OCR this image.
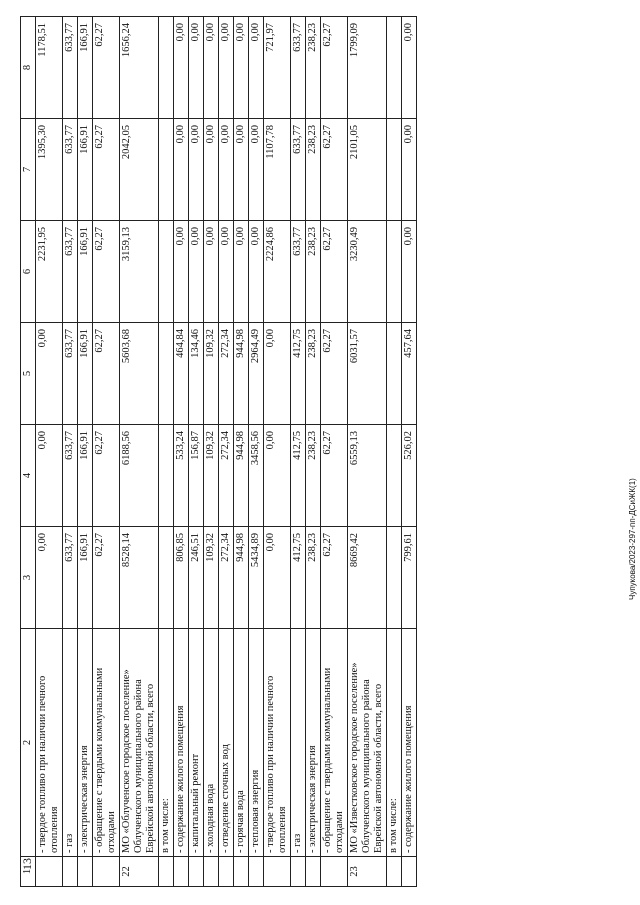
13
1	2	3	4	5	6	7	8
	- твердое топливо при наличии печного отопления	0,00	0,00	0,00	2231,95	1395,30	1178,51
	- газ	633,77	633,77	633,77	633,77	633,77	633,77
	- электрическая энергия	166,91	166,91	166,91	166,91	166,91	166,91
	- обращение с твердыми коммунальными отходами	62,27	62,27	62,27	62,27	62,27	62,27
22	МО «Облученское городское поселение» Облученского муниципального района Еврейской автономной области, всего	8528,14	6188,56	5603,68	3159,13	2042,05	1656,24
	в том числе:						
	- содержание жилого помещения	806,85	533,24	464,84	0,00	0,00	0,00
	- капитальный ремонт	246,51	156,87	134,46	0,00	0,00	0,00
	- холодная вода	109,32	109,32	109,32	0,00	0,00	0,00
	- отведение сточных вод	272,34	272,34	272,34	0,00	0,00	0,00
	- горячая вода	944,98	944,98	944,98	0,00	0,00	0,00
	- тепловая энергия	5434,89	3458,56	2964,49	0,00	0,00	0,00
	- твердое топливо при наличии печного отопления	0,00	0,00	0,00	2224,86	1107,78	721,97
	- газ	412,75	412,75	412,75	633,77	633,77	633,77
	- электрическая энергия	238,23	238,23	238,23	238,23	238,23	238,23
	- обращение с твердыми коммунальными отходами	62,27	62,27	62,27	62,27	62,27	62,27
23	МО «Известковское городское поселение» Облученского муниципального района Еврейской автономной области, всего	8669,42	6559,13	6031,57	3230,49	2101,05	1799,09
	в том числе:						
	- содержание жилого помещения	799,61	526,02	457,64	0,00	0,00	0,00
Чупукова/2023-297-пп-ДСиЖК(1)
